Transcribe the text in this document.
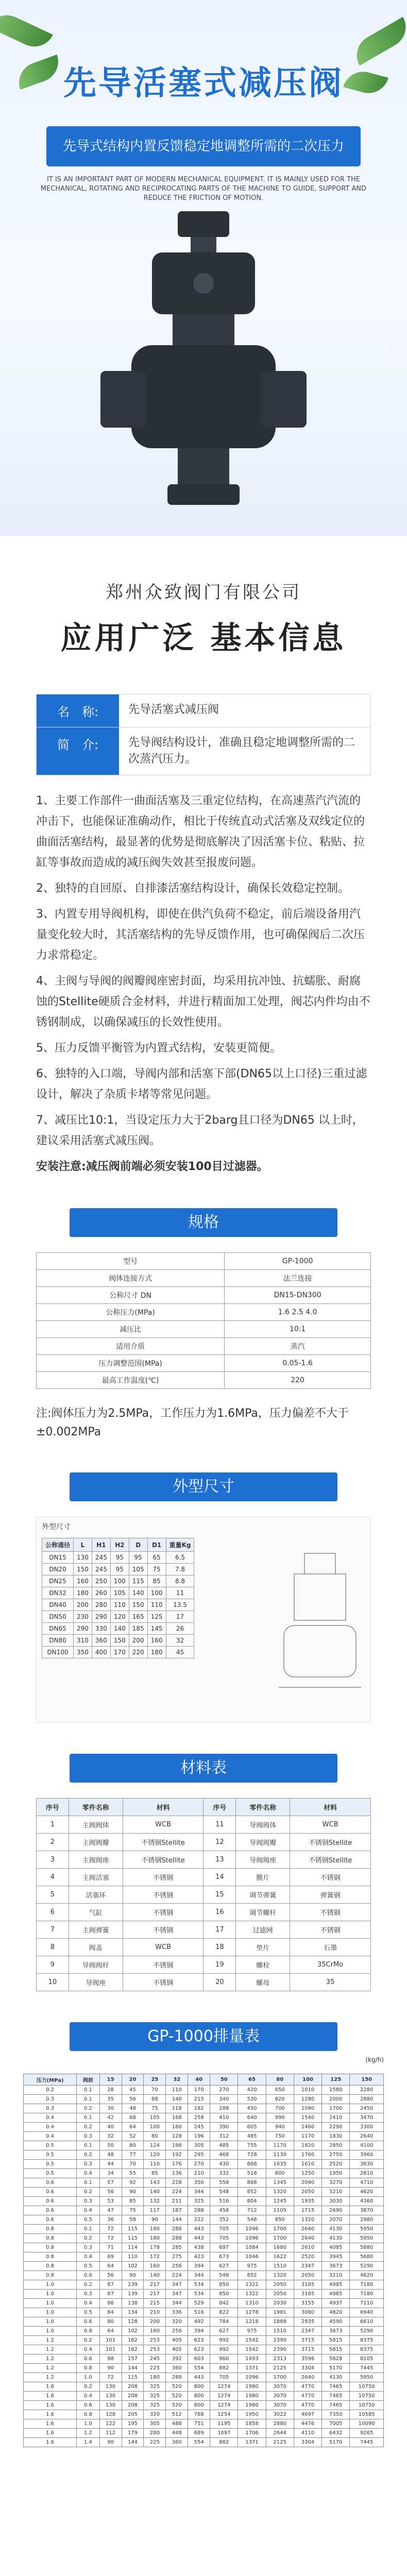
先导活塞式减压阀
先导式结构内置反馈稳定地调整所需的二次压力
IT IS AN IMPORTANT PART OF MODERN MECHANICAL EQUIPMENT. IT IS MAINLY USED FOR THE MECHANICAL, ROTATING AND RECIPROCATING PARTS OF THE MACHINE TO GUIDE, SUPPORT AND REDUCE THE FRICTION OF MOTION.
郑州众致阀门有限公司
应用广泛 基本信息
名　称:	先导活塞式减压阀
简　介:	先导阀结构设计，准确且稳定地调整所需的二次蒸汽压力。

1、主要工作部件一曲面活塞及三重定位结构，在高速蒸汽汽流的冲击下，也能保证准确动作，相比于传统直动式活塞及双线定位的曲面活塞结构，最显著的优势是彻底解决了因活塞卡位、粘贴、拉缸等事故而造成的减压阀失效甚至报废问题。

2、独特的自回原、自排漆活塞结构设计，确保长效稳定控制。

3、内置专用导阀机构，即使在供汽负荷不稳定，前后端设备用汽量变化较大时，其活塞结构的先导反馈作用，也可确保阀后二次压力求常稳定。

4、主阀与导阀的阀瓣阀座密封面，均采用抗冲蚀、抗蠕胀、耐腐蚀的Stellite硬质合金材料，并进行精面加工处理，阀芯内件均由不锈钢制成，以确保减压的长效性使用。

5、压力反馈平衡管为内置式结构，安装更简便。

6、独特的入口端，导阀内部和活塞下部(DN65以上口径)三重过滤设计，解决了杂质卡堵等常见问题。

7、减压比10:1，当设定压力大于2barg且口径为DN65 以上时，建议采用活塞式减压阀。

安装注意:减压阀前端必须安装100目过滤器。

规格
型号	GP-1000
阀体连接方式	法兰连接
公称尺寸 DN	DN15-DN300
公称压力(MPa)	1.6 2.5 4.0
减压比	10:1
适用介质	蒸汽
压力调整范围(MPa)	0.05-1.6
最高工作温度(℃)	220
注:阀体压力为2.5MPa，工作压力为1.6MPa，压力偏差不大于±0.002MPa
外型尺寸
外型尺寸
公称通径	L	H1	H2	D	D1	重量Kg
DN15	130	245	95	95	65	6.5
DN20	150	245	95	105	75	7.8
DN25	160	250	100	115	85	8.8
DN32	180	260	105	140	100	11
DN40	200	280	110	150	110	13.5
DN50	230	290	120	165	125	17
DN65	290	330	140	185	145	26
DN80	310	360	150	200	160	32
DN100	350	400	170	220	180	45
材料表
序号	零件名称	材料	序号	零件名称	材料
1	主阀阀体	WCB	11	导阀阀体	WCB
2	主阀阀瓣	不锈钢Stellite	12	导阀阀瓣	不锈钢Stellite
3	主阀阀座	不锈钢Stellite	13	导阀阀座	不锈钢Stellite
4	主阀活塞	不锈钢	14	膜片	不锈钢
5	活塞环	不锈钢	15	调节弹簧	弹簧钢
6	气缸	不锈钢	16	调节螺杆	不锈钢
7	主阀弹簧	不锈钢	17	过滤网	不锈钢
8	阀盖	WCB	18	垫片	石墨
9	导阀阀杆	不锈钢	19	螺栓	35CrMo
10	导阀座	不锈钢	20	螺母	35
GP-1000排量表
(kg/h)
压力(MPa)	阀前	15	20	25	32	40	50	65	80	100	125	150
0.2	0.1	28	45	70	110	170	270	420	650	1010	1580	2280
0.3	0.1	35	56	88	140	215	340	530	820	1280	2000	2880
0.3	0.2	30	48	75	118	182	288	450	700	1090	1700	2450
0.4	0.1	42	68	105	168	258	410	640	990	1540	2410	3470
0.4	0.2	40	64	100	160	245	390	605	940	1460	2290	3300
0.4	0.3	32	52	80	128	196	312	485	750	1170	1830	2640
0.5	0.1	50	80	124	198	305	485	755	1170	1820	2850	4100
0.5	0.2	48	77	120	192	295	468	728	1130	1760	2750	3960
0.5	0.3	44	70	110	176	270	430	668	1035	1610	2520	3630
0.5	0.4	34	55	85	136	210	332	518	800	1250	1950	2810
0.6	0.1	57	92	143	228	350	558	868	1345	2090	3270	4710
0.6	0.2	56	90	140	224	344	548	852	1320	2050	3210	4620
0.6	0.3	53	85	132	211	325	516	804	1245	1935	3030	4360
0.6	0.4	47	75	117	187	288	458	712	1105	1715	2690	3870
0.6	0.5	36	58	90	144	222	352	548	850	1320	2070	2980
0.8	0.1	72	115	180	288	443	705	1096	1700	2640	4130	5950
0.8	0.2	72	115	180	288	443	705	1096	1700	2640	4130	5950
0.8	0.3	71	114	178	285	438	697	1084	1680	2610	4085	5880
0.8	0.4	69	110	172	275	423	673	1046	1622	2520	3945	5680
0.8	0.5	64	102	160	256	394	627	975	1510	2347	3673	5290
0.8	0.6	56	90	140	224	344	548	852	1320	2050	3210	4620
1.0	0.2	87	139	217	347	534	850	1322	2050	3185	4985	7180
1.0	0.3	87	139	217	347	534	850	1322	2050	3185	4985	7180
1.0	0.4	86	138	215	344	529	842	1310	2030	3155	4937	7110
1.0	0.5	84	134	210	336	516	822	1278	1981	3080	4820	6940
1.0	0.6	80	128	200	320	492	784	1218	1888	2935	4590	6610
1.0	0.8	64	102	160	256	394	627	975	1510	2347	3673	5290
1.2	0.2	101	162	253	405	623	992	1542	2390	3715	5815	8375
1.2	0.4	101	162	253	405	623	992	1542	2390	3715	5815	8375
1.2	0.6	98	157	245	392	603	960	1493	2313	3596	5628	8105
1.2	0.8	90	144	225	360	554	882	1371	2125	3304	5170	7445
1.2	1.0	72	115	180	288	443	705	1096	1700	2640	4130	5950
1.6	0.2	130	208	325	520	800	1274	1980	3070	4770	7465	10750
1.6	0.4	130	208	325	520	800	1274	1980	3070	4770	7465	10750
1.6	0.6	130	208	325	520	800	1274	1980	3070	4770	7465	10750
1.6	0.8	128	205	320	512	788	1254	1950	3022	4697	7350	10585
1.6	1.0	122	195	305	488	751	1195	1858	2880	4476	7005	10090
1.6	1.2	112	179	280	448	689	1097	1706	2644	4110	6432	9265
1.6	1.4	90	144	225	360	554	882	1371	2125	3304	5170	7445
